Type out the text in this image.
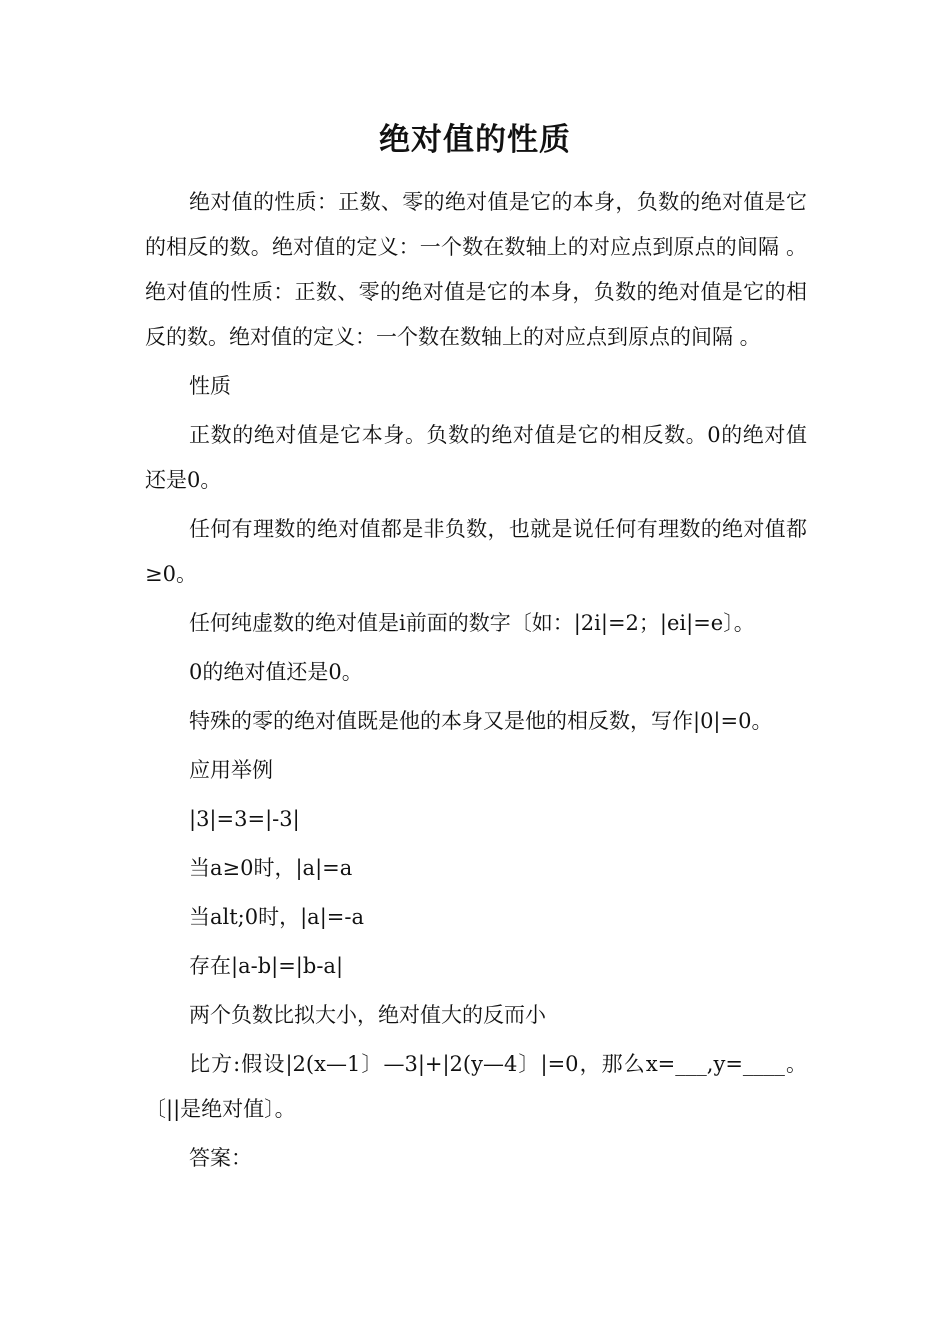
绝对值的性质

绝对值的性质：正数、零的绝对值是它的本身，负数的绝对值是它的相反的数。绝对值的定义：一个数在数轴上的对应点到原点的间隔 。绝对值的性质：正数、零的绝对值是它的本身，负数的绝对值是它的相反的数。绝对值的定义：一个数在数轴上的对应点到原点的间隔 。

性质

正数的绝对值是它本身。负数的绝对值是它的相反数。0的绝对值还是0。

任何有理数的绝对值都是非负数，也就是说任何有理数的绝对值都≥0。

任何纯虚数的绝对值是i前面的数字〔如：|2i|=2；|ei|=e〕。

0的绝对值还是0。

特殊的零的绝对值既是他的本身又是他的相反数，写作|0|=0。

应用举例

|3|=3=|-3|

当a≥0时，|a|=a

当alt;0时，|a|=-a

存在|a-b|=|b-a|

两个负数比拟大小，绝对值大的反而小

比方:假设|2(x—1〕—3|+|2(y—4〕|=0，那么x=___,y=____。〔||是绝对值〕。

答案：
